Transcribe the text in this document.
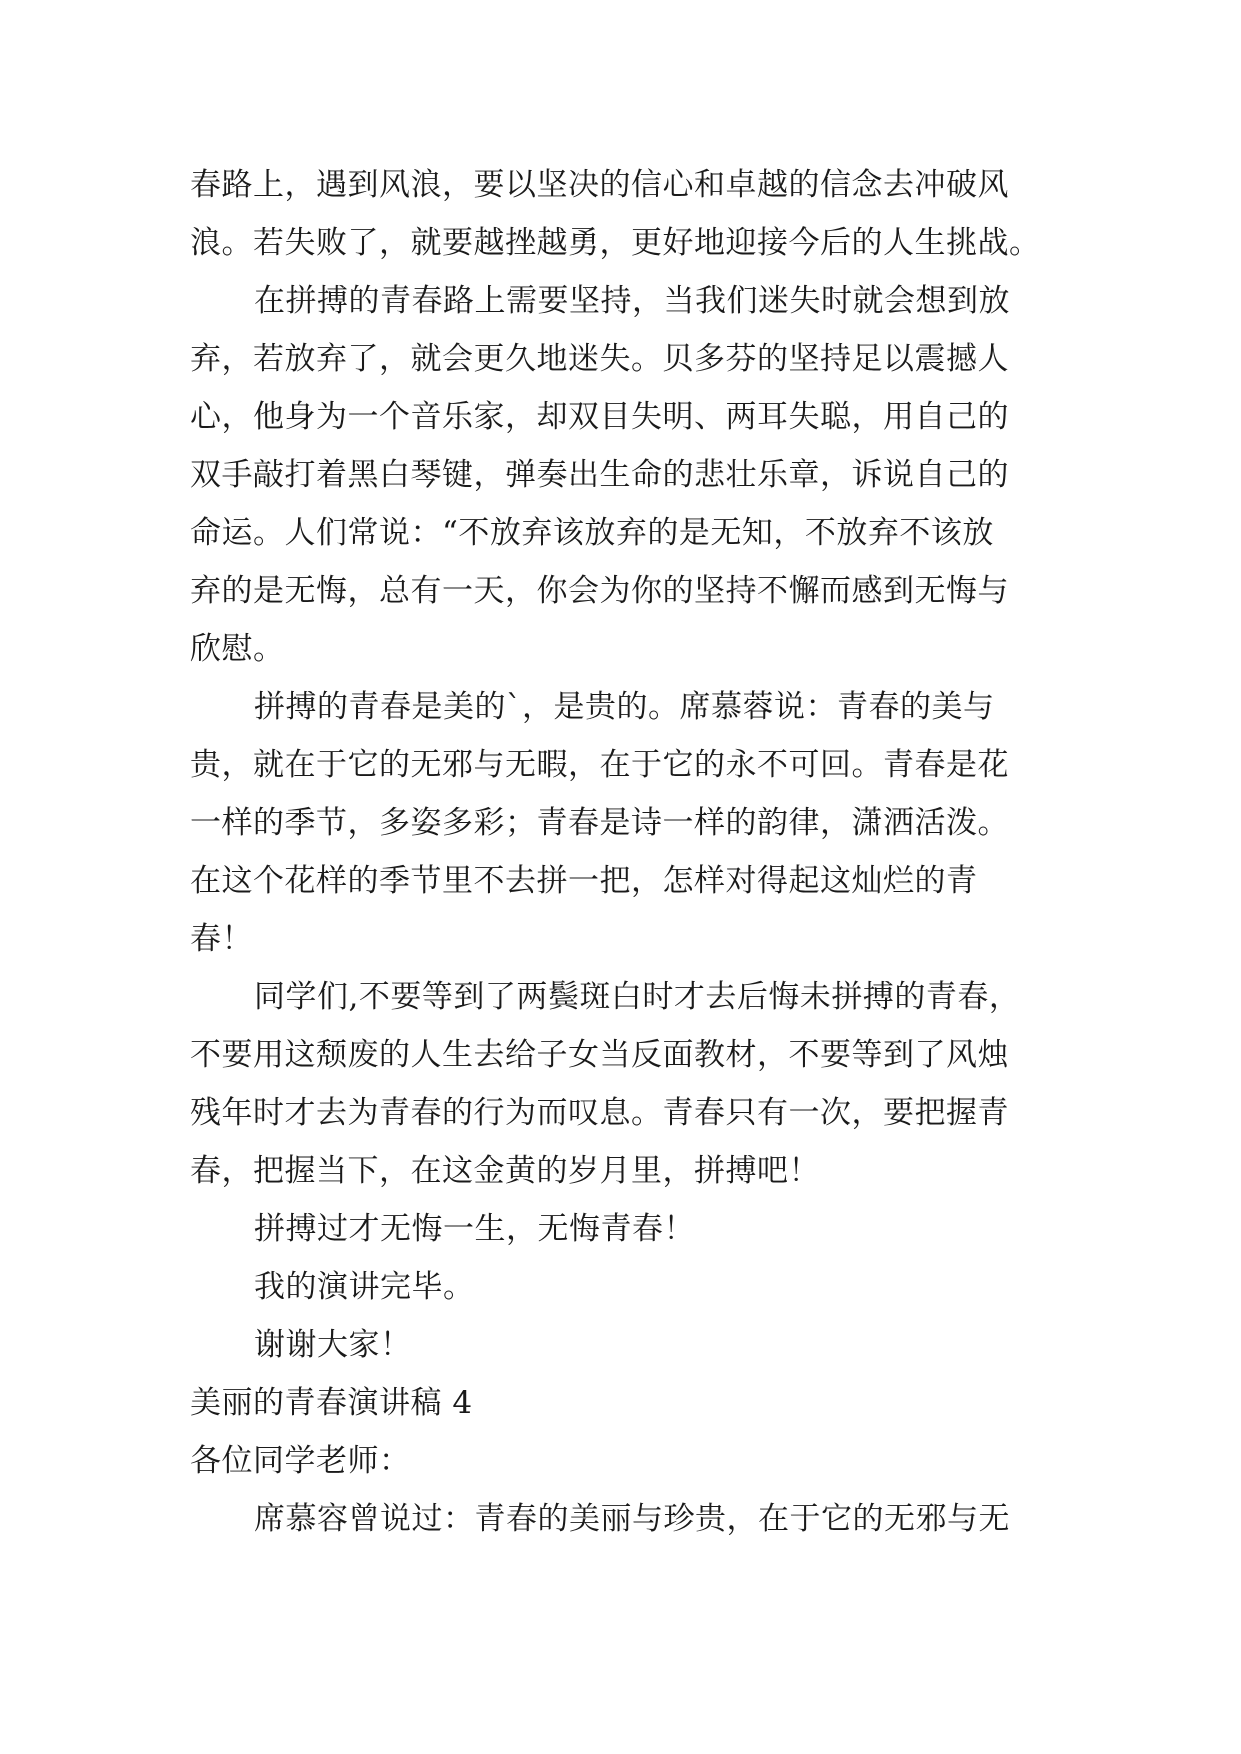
春路上，遇到风浪，要以坚决的信心和卓越的信念去冲破风
浪。若失败了，就要越挫越勇，更好地迎接今后的人生挑战。
在拼搏的青春路上需要坚持，当我们迷失时就会想到放
弃，若放弃了，就会更久地迷失。贝多芬的坚持足以震撼人
心，他身为一个音乐家，却双目失明、两耳失聪，用自己的
双手敲打着黑白琴键，弹奏出生命的悲壮乐章，诉说自己的
命运。人们常说：“不放弃该放弃的是无知，不放弃不该放
弃的是无悔，总有一天，你会为你的坚持不懈而感到无悔与
欣慰。
拼搏的青春是美的`，是贵的。席慕蓉说：青春的美与
贵，就在于它的无邪与无暇，在于它的永不可回。青春是花
一样的季节，多姿多彩；青春是诗一样的韵律，潇洒活泼。
在这个花样的季节里不去拼一把，怎样对得起这灿烂的青
春！
同学们,不要等到了两鬓斑白时才去后悔未拼搏的青春，
不要用这颓废的人生去给子女当反面教材，不要等到了风烛
残年时才去为青春的行为而叹息。青春只有一次，要把握青
春，把握当下，在这金黄的岁月里，拼搏吧！
拼搏过才无悔一生，无悔青春！
我的演讲完毕。
谢谢大家！
美丽的青春演讲稿 4
各位同学老师：
席慕容曾说过：青春的美丽与珍贵，在于它的无邪与无
